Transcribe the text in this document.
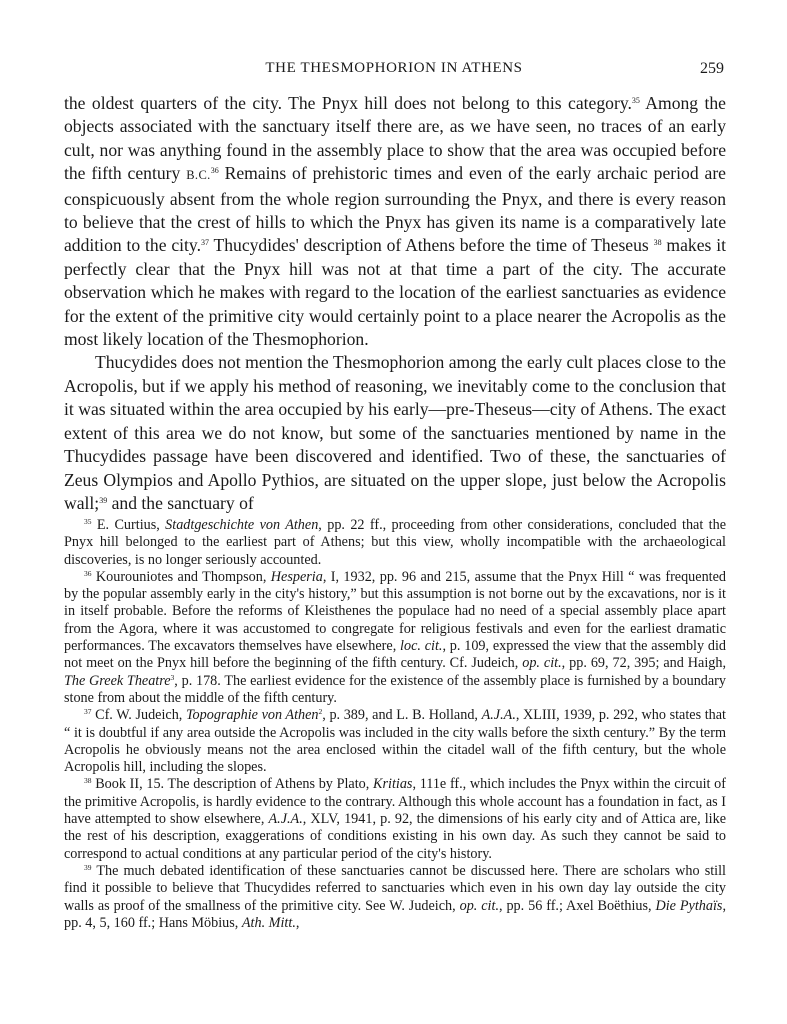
THE THESMOPHORION IN ATHENS	259

the oldest quarters of the city. The Pnyx hill does not belong to this category.$^{35}$ Among the objects associated with the sanctuary itself there are, as we have seen, no traces of an early cult, nor was anything found in the assembly place to show that the area was occupied before the fifth century B.C.$^{36}$ Remains of prehistoric times and even of the early archaic period are conspicuously absent from the whole region surrounding the Pnyx, and there is every reason to believe that the crest of hills to which the Pnyx has given its name is a comparatively late addition to the city.$^{37}$ Thucydides' description of Athens before the time of Theseus $^{38}$ makes it perfectly clear that the Pnyx hill was not at that time a part of the city. The accurate observation which he makes with regard to the location of the earliest sanctuaries as evidence for the extent of the primitive city would certainly point to a place nearer the Acropolis as the most likely location of the Thesmophorion.

Thucydides does not mention the Thesmophorion among the early cult places close to the Acropolis, but if we apply his method of reasoning, we inevitably come to the conclusion that it was situated within the area occupied by his early—pre-Theseus—city of Athens. The exact extent of this area we do not know, but some of the sanctuaries mentioned by name in the Thucydides passage have been discovered and identified. Two of these, the sanctuaries of Zeus Olympios and Apollo Pythios, are situated on the upper slope, just below the Acropolis wall;$^{39}$ and the sanctuary of

$^{35}$ E. Curtius, Stadtgeschichte von Athen, pp. 22 ff., proceeding from other considerations, concluded that the Pnyx hill belonged to the earliest part of Athens; but this view, wholly incompatible with the archaeological discoveries, is no longer seriously accounted.

$^{36}$ Kourouniotes and Thompson, Hesperia, I, 1932, pp. 96 and 215, assume that the Pnyx Hill “ was frequented by the popular assembly early in the city's history,” but this assumption is not borne out by the excavations, nor is it in itself probable. Before the reforms of Kleisthenes the populace had no need of a special assembly place apart from the Agora, where it was accustomed to congregate for religious festivals and even for the earliest dramatic performances. The excavators themselves have elsewhere, loc. cit., p. 109, expressed the view that the assembly did not meet on the Pnyx hill before the beginning of the fifth century. Cf. Judeich, op. cit., pp. 69, 72, 395; and Haigh, The Greek Theatre$^3$, p. 178. The earliest evidence for the existence of the assembly place is furnished by a boundary stone from about the middle of the fifth century.

$^{37}$ Cf. W. Judeich, Topographie von Athen$^2$, p. 389, and L. B. Holland, A.J.A., XLIII, 1939, p. 292, who states that “ it is doubtful if any area outside the Acropolis was included in the city walls before the sixth century.” By the term Acropolis he obviously means not the area enclosed within the citadel wall of the fifth century, but the whole Acropolis hill, including the slopes.

$^{38}$ Book II, 15. The description of Athens by Plato, Kritias, 111e ff., which includes the Pnyx within the circuit of the primitive Acropolis, is hardly evidence to the contrary. Although this whole account has a foundation in fact, as I have attempted to show elsewhere, A.J.A., XLV, 1941, p. 92, the dimensions of his early city and of Attica are, like the rest of his description, exaggerations of conditions existing in his own day. As such they cannot be said to correspond to actual conditions at any particular period of the city's history.

$^{39}$ The much debated identification of these sanctuaries cannot be discussed here. There are scholars who still find it possible to believe that Thucydides referred to sanctuaries which even in his own day lay outside the city walls as proof of the smallness of the primitive city. See W. Judeich, op. cit., pp. 56 ff.; Axel Boëthius, Die Pythaïs, pp. 4, 5, 160 ff.; Hans Möbius, Ath. Mitt.,
